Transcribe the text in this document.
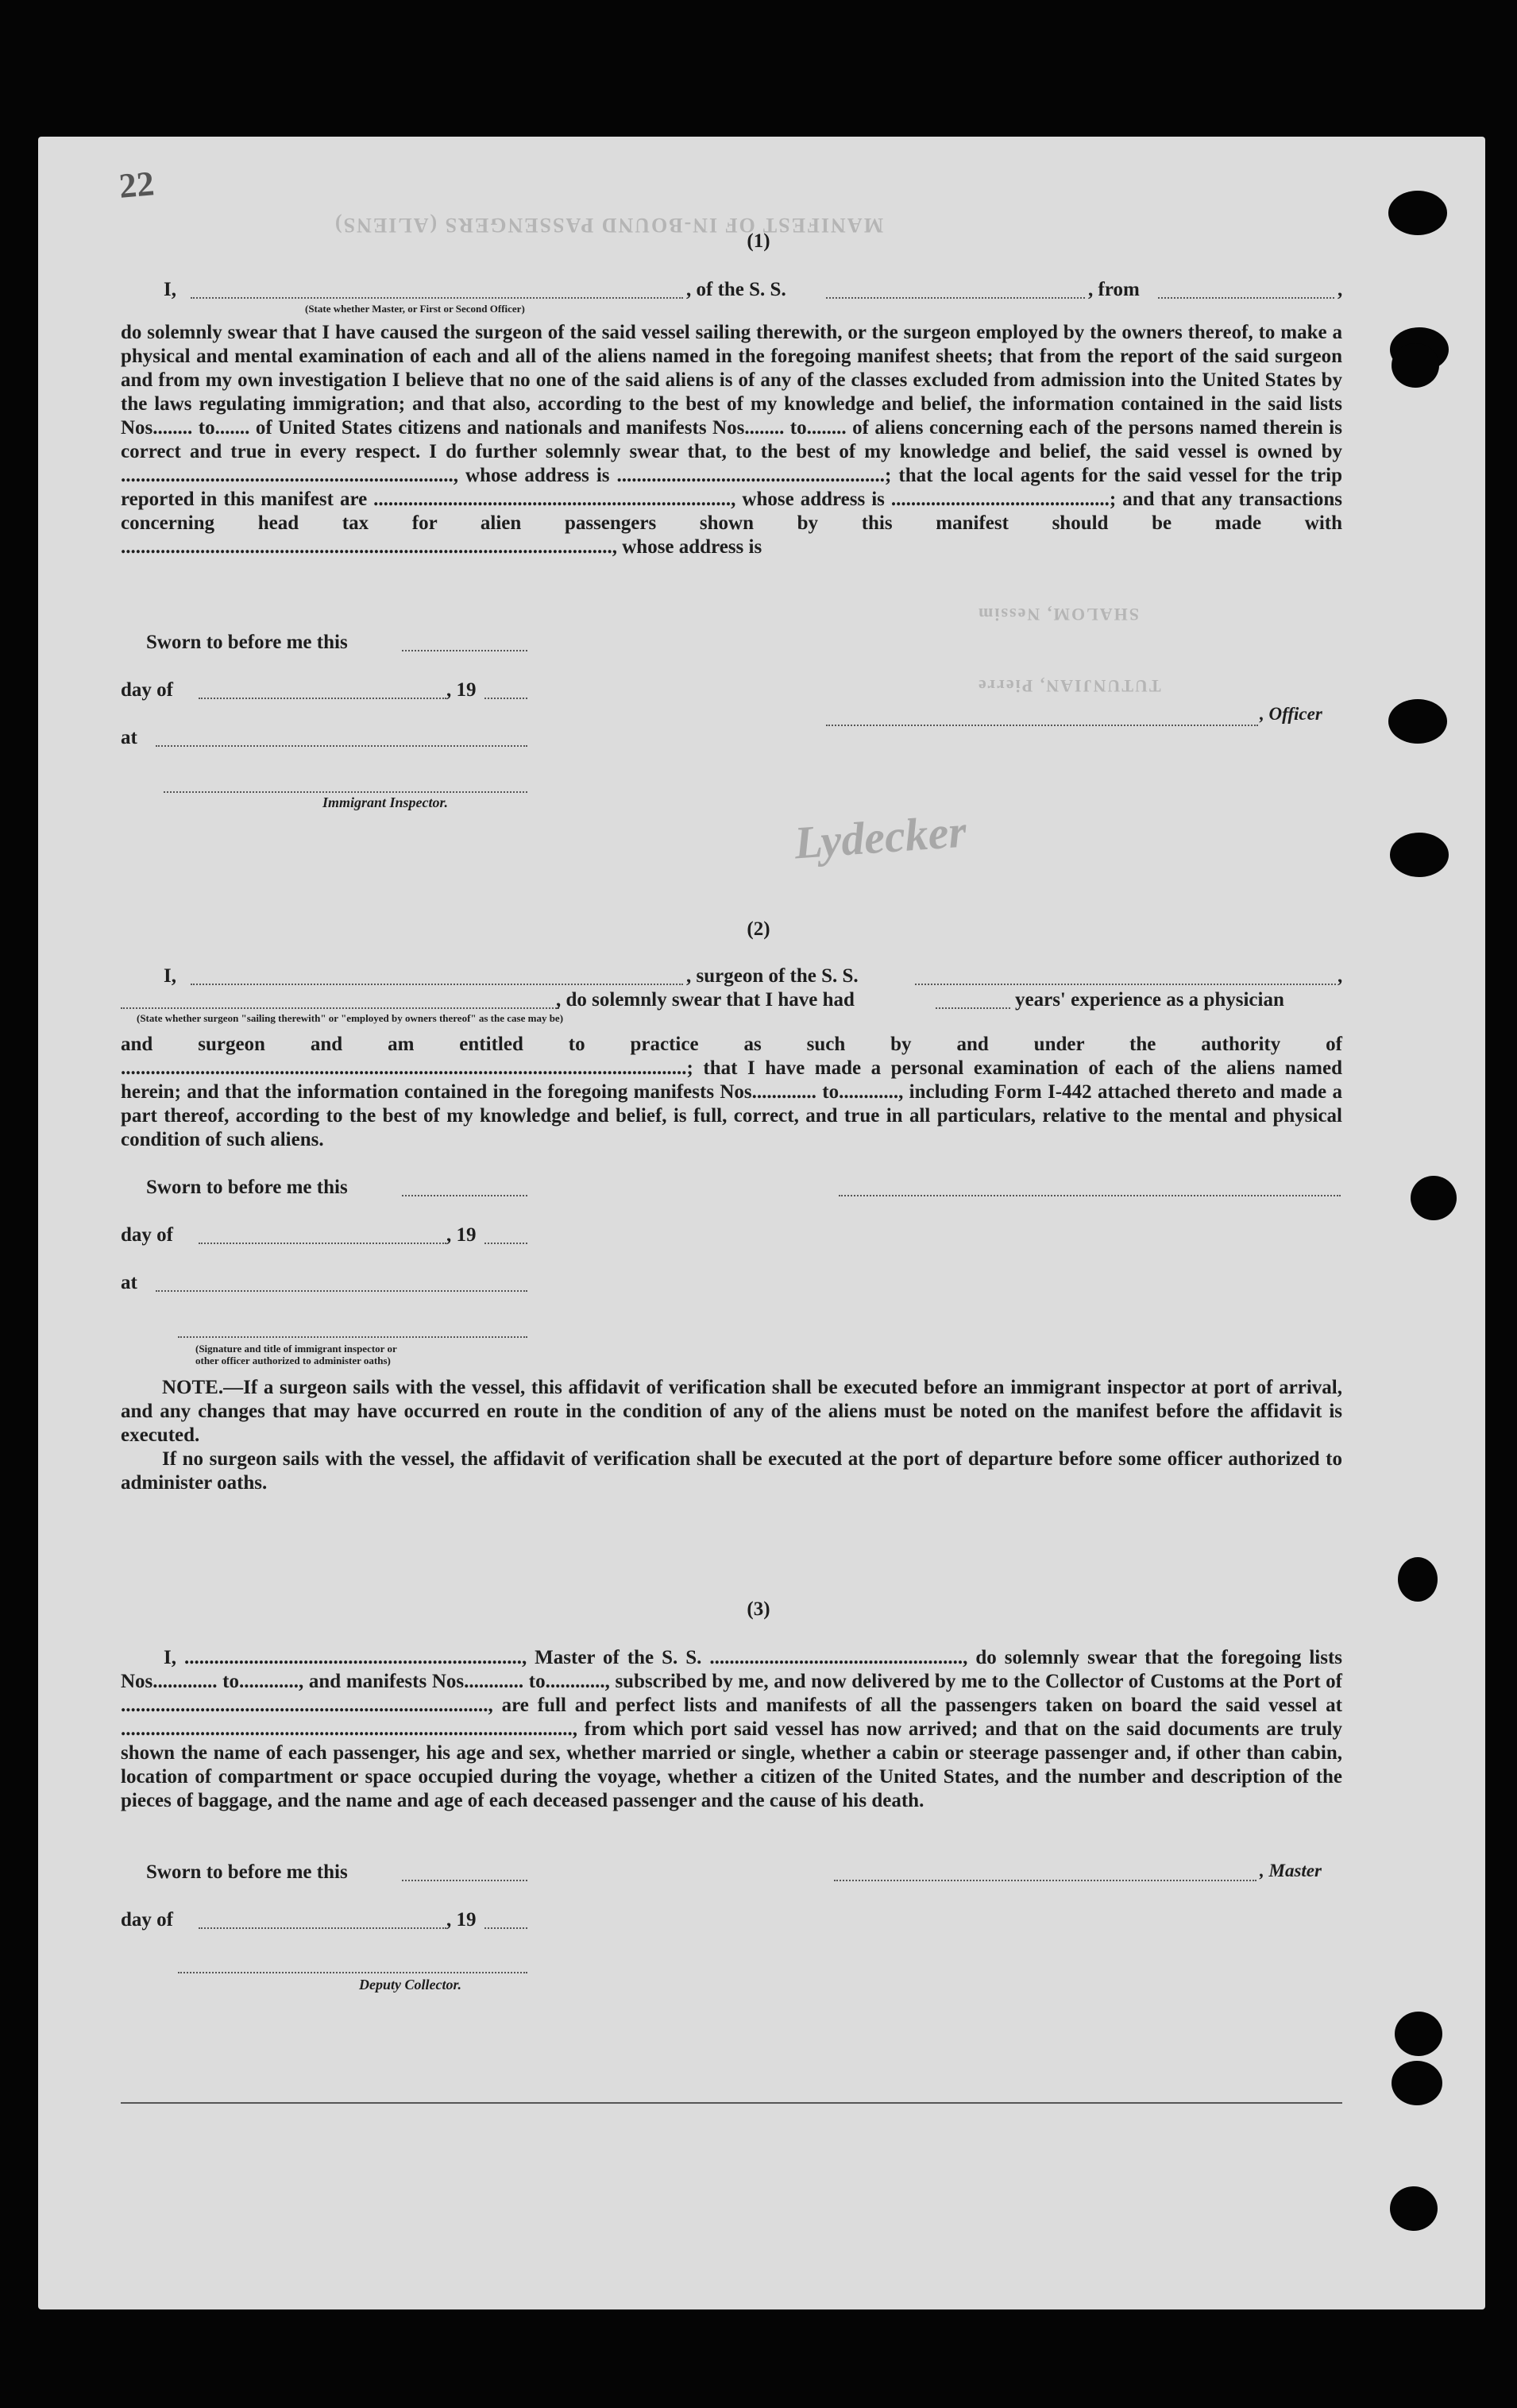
MANIFEST OF IN-BOUND PASSENGERS (ALIENS)
SHALOM, Nessim
TUTUNJIAN, Pierre
Lydecker
22
(1)
I,	, of the S. S.	, from	,
(State whether Master, or First or Second Officer)
do solemnly swear that I have caused the surgeon of the said vessel sailing therewith, or the surgeon employed by the owners thereof, to make a physical and mental examination of each and all of the aliens named in the foregoing manifest sheets; that from the report of the said surgeon and from my own investigation I believe that no one of the said aliens is of any of the classes excluded from admission into the United States by the laws regulating immigration; and that also, according to the best of my knowledge and belief, the information contained in the said lists Nos........ to....... of United States citizens and nationals and manifests Nos........ to........ of aliens concerning each of the persons named therein is correct and true in every respect. I do further solemnly swear that, to the best of my knowledge and belief, the said vessel is owned by ..................................................................., whose address is ......................................................; that the local agents for the said vessel for the trip reported in this manifest are ........................................................................, whose address is ............................................; and that any transactions concerning head tax for alien passengers shown by this manifest should be made with ..................................................................................................., whose address is
Sworn to before me this
day of	, 19
at
, Officer
Immigrant Inspector.
(2)
I,	, surgeon of the S. S.	,
, do solemnly swear that I have had	years' experience as a physician
(State whether surgeon "sailing therewith" or "employed by owners thereof" as the case may be)
and surgeon and am entitled to practice as such by and under the authority of ..................................................................................................................; that I have made a personal examination of each of the aliens named herein; and that the information contained in the foregoing manifests Nos............. to............, including Form I-442 attached thereto and made a part thereof, according to the best of my knowledge and belief, is full, correct, and true in all particulars, relative to the mental and physical condition of such aliens.
Sworn to before me this
day of	, 19
at
(Signature and title of immigrant inspector or
other officer authorized to administer oaths)
NOTE.—If a surgeon sails with the vessel, this affidavit of verification shall be executed before an immigrant inspector at port of arrival, and any changes that may have occurred en route in the condition of any of the aliens must be noted on the manifest before the affidavit is executed.
If no surgeon sails with the vessel, the affidavit of verification shall be executed at the port of departure before some officer authorized to administer oaths.
(3)
I, ...................................................................., Master of the S. S. ..................................................., do solemnly swear that the foregoing lists Nos............. to............, and manifests Nos............ to............, subscribed by me, and now delivered by me to the Collector of Customs at the Port of .........................................................................., are full and perfect lists and manifests of all the passengers taken on board the said vessel at ..........................................................................................., from which port said vessel has now arrived; and that on the said documents are truly shown the name of each passenger, his age and sex, whether married or single, whether a cabin or steerage passenger and, if other than cabin, location of compartment or space occupied during the voyage, whether a citizen of the United States, and the number and description of the pieces of baggage, and the name and age of each deceased passenger and the cause of his death.
Sworn to before me this	, Master
day of	, 19
Deputy Collector.
